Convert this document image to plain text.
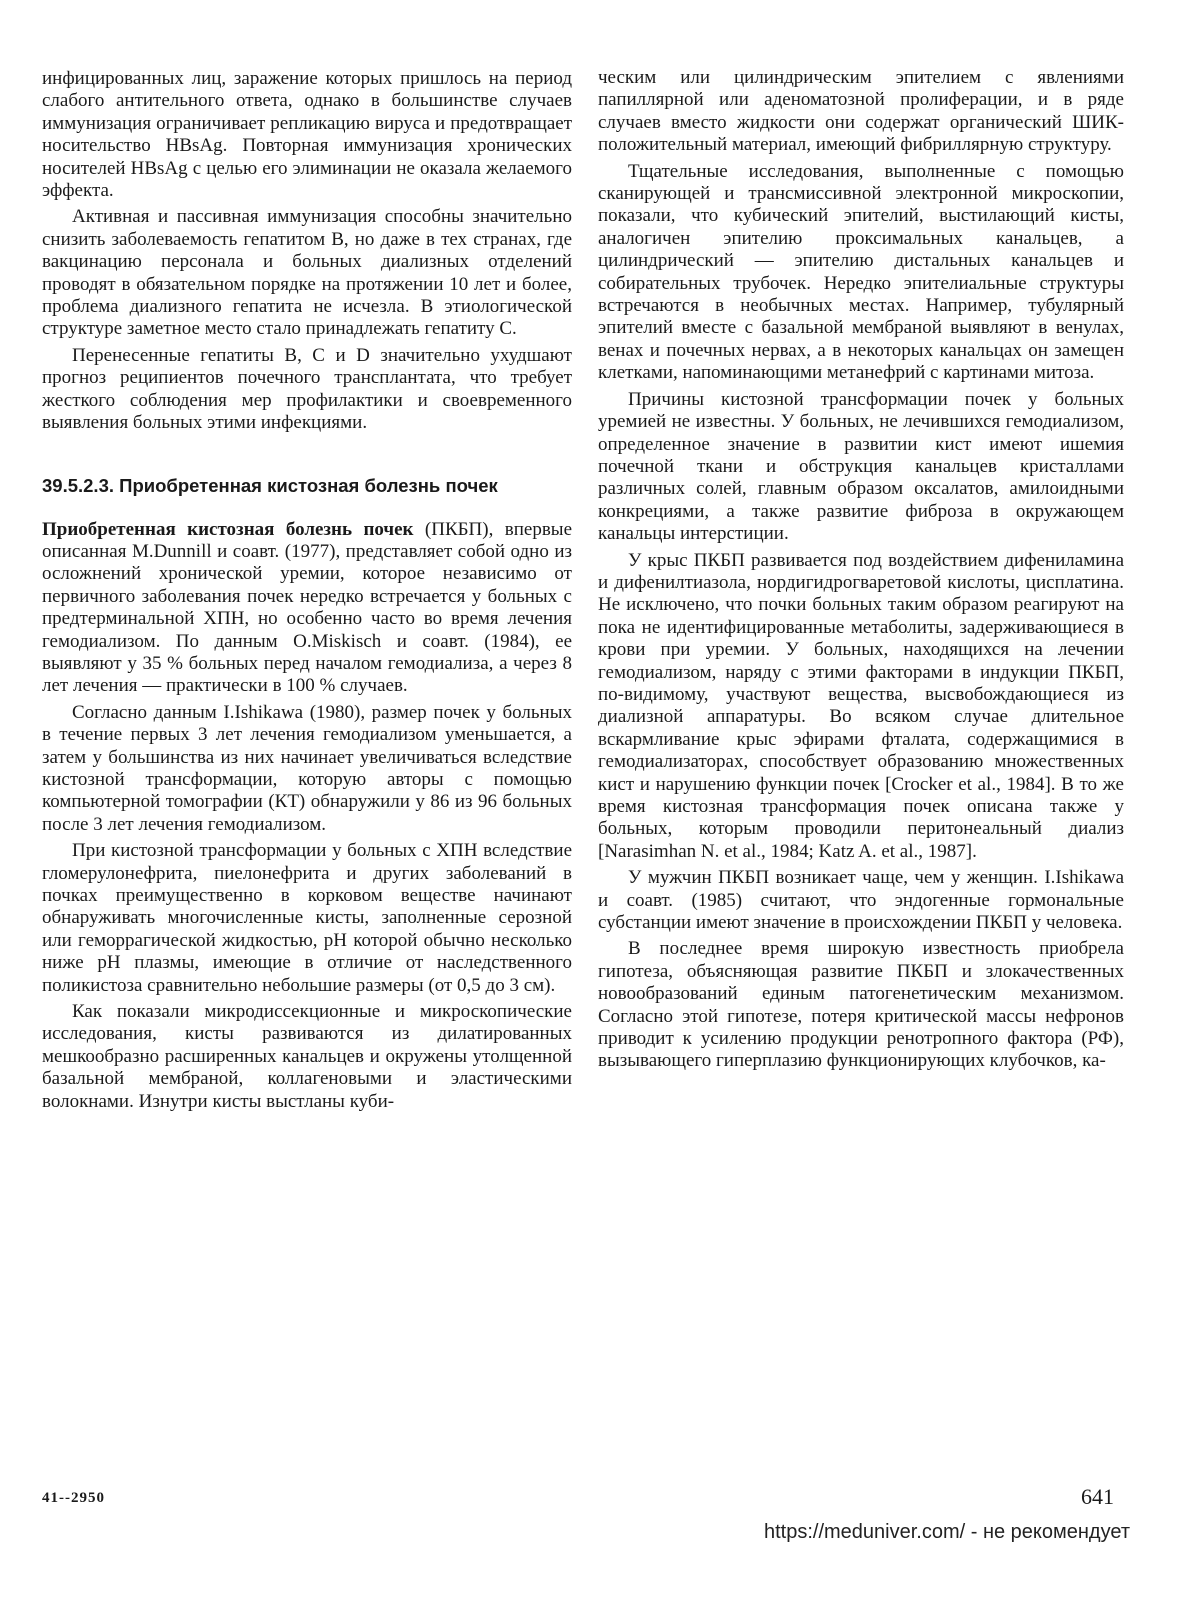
инфицированных лиц, заражение которых пришлось на период слабого антительного ответа, однако в большинстве случаев иммунизация ограничивает репликацию вируса и предотвращает носительство HBsAg. Повторная иммунизация хронических носителей HBsAg с целью его элиминации не оказала желаемого эффекта.

Активная и пассивная иммунизация способны значительно снизить заболеваемость гепатитом В, но даже в тех странах, где вакцинацию персонала и больных диализных отделений проводят в обязательном порядке на протяжении 10 лет и более, проблема диализного гепатита не исчезла. В этиологической структуре заметное место стало принадлежать гепатиту С.

Перенесенные гепатиты В, С и D значительно ухудшают прогноз реципиентов почечного трансплантата, что требует жесткого соблюдения мер профилактики и своевременного выявления больных этими инфекциями.

39.5.2.3. Приобретенная кистозная болезнь почек

Приобретенная кистозная болезнь почек (ПКБП), впервые описанная M.Dunnill и соавт. (1977), представляет собой одно из осложнений хронической уремии, которое независимо от первичного заболевания почек нередко встречается у больных с предтерминальной ХПН, но особенно часто во время лечения гемодиализом. По данным O.Miskisch и соавт. (1984), ее выявляют у 35 % больных перед началом гемодиализа, а через 8 лет лечения — практически в 100 % случаев.

Согласно данным I.Ishikawa (1980), размер почек у больных в течение первых 3 лет лечения гемодиализом уменьшается, а затем у большинства из них начинает увеличиваться вследствие кистозной трансформации, которую авторы с помощью компьютерной томографии (КТ) обнаружили у 86 из 96 больных после 3 лет лечения гемодиализом.

При кистозной трансформации у больных с ХПН вследствие гломерулонефрита, пиелонефрита и других заболеваний в почках преимущественно в корковом веществе начинают обнаруживать многочисленные кисты, заполненные серозной или геморрагической жидкостью, pH которой обычно несколько ниже pH плазмы, имеющие в отличие от наследственного поликистоза сравнительно небольшие размеры (от 0,5 до 3 см).

Как показали микродиссекционные и микроскопические исследования, кисты развиваются из дилатированных мешкообразно расширенных канальцев и окружены утолщенной базальной мембраной, коллагеновыми и эластическими волокнами. Изнутри кисты выстланы куби-

ческим или цилиндрическим эпителием с явлениями папиллярной или аденоматозной пролиферации, и в ряде случаев вместо жидкости они содержат органический ШИК-положительный материал, имеющий фибриллярную структуру.

Тщательные исследования, выполненные с помощью сканирующей и трансмиссивной электронной микроскопии, показали, что кубический эпителий, выстилающий кисты, аналогичен эпителию проксимальных канальцев, а цилиндрический — эпителию дистальных канальцев и собирательных трубочек. Нередко эпителиальные структуры встречаются в необычных местах. Например, тубулярный эпителий вместе с базальной мембраной выявляют в венулах, венах и почечных нервах, а в некоторых канальцах он замещен клетками, напоминающими метанефрий с картинами митоза.

Причины кистозной трансформации почек у больных уремией не известны. У больных, не лечившихся гемодиализом, определенное значение в развитии кист имеют ишемия почечной ткани и обструкция канальцев кристаллами различных солей, главным образом оксалатов, амилоидными конкрециями, а также развитие фиброза в окружающем канальцы интерстиции.

У крыс ПКБП развивается под воздействием дифениламина и дифенилтиазола, нордигидрогваретовой кислоты, цисплатина. Не исключено, что почки больных таким образом реагируют на пока не идентифицированные метаболиты, задерживающиеся в крови при уремии. У больных, находящихся на лечении гемодиализом, наряду с этими факторами в индукции ПКБП, по-видимому, участвуют вещества, высвобождающиеся из диализной аппаратуры. Во всяком случае длительное вскармливание крыс эфирами фталата, содержащимися в гемодиализаторах, способствует образованию множественных кист и нарушению функции почек [Crocker et al., 1984]. В то же время кистозная трансформация почек описана также у больных, которым проводили перитонеальный диализ [Narasimhan N. et al., 1984; Katz A. et al., 1987].

У мужчин ПКБП возникает чаще, чем у женщин. I.Ishikawa и соавт. (1985) считают, что эндогенные гормональные субстанции имеют значение в происхождении ПКБП у человека.

В последнее время широкую известность приобрела гипотеза, объясняющая развитие ПКБП и злокачественных новообразований единым патогенетическим механизмом. Согласно этой гипотезе, потеря критической массы нефронов приводит к усилению продукции ренотропного фактора (РФ), вызывающего гиперплазию функционирующих клубочков, ка-

41--2950	641
https://meduniver.com/ - не рекомендует
